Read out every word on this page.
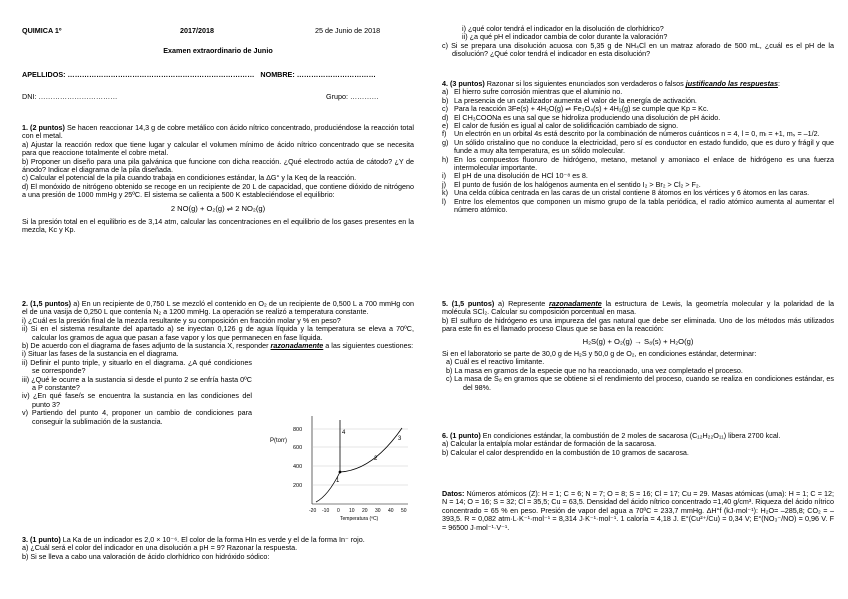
QUIMICA 1º	2017/2018	25 de Junio de 2018
Examen extraordinario de Junio
APELLIDOS: …………………………………………………………………… NOMBRE: ……………………………
DNI: ……………………………	Grupo: …………

1. (2 puntos) Se hacen reaccionar 14,3 g de cobre metálico con ácido nítrico concentrado, produciéndose la reacción total con el metal.

a) Ajustar la reacción redox que tiene lugar y calcular el volumen mínimo de ácido nítrico concentrado que se necesita para que reaccione totalmente el cobre metal.

b) Proponer un diseño para una pila galvánica que funcione con dicha reacción. ¿Qué electrodo actúa de cátodo? ¿Y de ánodo? Indicar el diagrama de la pila diseñada.

c) Calcular el potencial de la pila cuando trabaja en condiciones estándar, la ΔG° y la Keq de la reacción.

d) El monóxido de nitrógeno obtenido se recoge en un recipiente de 20 L de capacidad, que contiene dióxido de nitrógeno a una presión de 1000 mmHg y 25ºC. El sistema se calienta a 500 K estableciéndose el equilibrio:

2 NO(g) + O₂(g) ⇌ 2 NO₂(g)

Si la presión total en el equilibrio es de 3,14 atm, calcular las concentraciones en el equilibrio de los gases presentes en la mezcla, Kc y Kp.

2. (1,5 puntos) a) En un recipiente de 0,750 L se mezcló el contenido en O₂ de un recipiente de 0,500 L a 700 mmHg con el de una vasija de 0,250 L que contenía N₂ a 1200 mmHg. La operación se realizó a temperatura constante.

i) ¿Cuál es la presión final de la mezcla resultante y su composición en fracción molar y % en peso?

ii) Si en el sistema resultante del apartado a) se inyectan 0,126 g de agua líquida y la temperatura se eleva a 70ºC, calcular los gramos de agua que pasan a fase vapor y los que permanecen en fase líquida.

b) De acuerdo con el diagrama de fases adjunto de la sustancia X, responder razonadamente a las siguientes cuestiones:

i) Situar las fases de la sustancia en el diagrama.

ii) Definir el punto triple, y situarlo en el diagrama. ¿A qué condiciones se corresponde?

iii) ¿Qué le ocurre a la sustancia si desde el punto 2 se enfría hasta 0ºC a P constante?

iv) ¿En qué fase/s se encuentra la sustancia en las condiciones del punto 3?

v) Partiendo del punto 4, proponer un cambio de condiciones para conseguir la sublimación de la sustancia.

P(torr)
800
600
400
200
-20 -10 0 10 20 30 40 50
Temperatura (ºC)
1
2
3
4

3. (1 punto) La Ka de un indicador es 2,0 × 10⁻⁶. El color de la forma HIn es verde y el de la forma In⁻ rojo.

a) ¿Cuál será el color del indicador en una disolución a pH = 9? Razonar la respuesta.

b) Si se lleva a cabo una valoración de ácido clorhídrico con hidróxido sódico:

i) ¿qué color tendrá el indicador en la disolución de clorhídrico?

ii) ¿a qué pH el indicador cambia de color durante la valoración?

c) Si se prepara una disolución acuosa con 5,35 g de NH₄Cl en un matraz aforado de 500 mL, ¿cuál es el pH de la disolución? ¿Qué color tendrá el indicador en esta disolución?

4. (3 puntos) Razonar si los siguientes enunciados son verdaderos o falsos justificando las respuestas:

a) El hierro sufre corrosión mientras que el aluminio no.
b) La presencia de un catalizador aumenta el valor de la energía de activación.
c) Para la reacción 3Fe(s) + 4H₂O(g) ⇌ Fe₃O₄(s) + 4H₂(g) se cumple que Kp = Kc.
d) El CH₃COONa es una sal que se hidroliza produciendo una disolución de pH ácido.
e) El calor de fusión es igual al calor de solidificación cambiado de signo.
f)	Un electrón en un orbital 4s está descrito por la combinación de números cuánticos n = 4, l = 0, mₗ = +1, mₛ = –1/2.
g) Un sólido cristalino que no conduce la electricidad, pero sí es conductor en estado fundido, que es duro y frágil y que funde a muy alta temperatura, es un sólido molecular.
h) En los compuestos fluoruro de hidrógeno, metano, metanol y amoniaco el enlace de hidrógeno es una fuerza intermolecular importante.
i)	El pH de una disolución de HCl 10⁻⁸ es 8.
j)	El punto de fusión de los halógenos aumenta en el sentido I₂ > Br₂ > Cl₂ > F₂.
k) Una celda cúbica centrada en las caras de un cristal contiene 8 átomos en los vértices y 6 átomos en las caras.
l)	Entre los elementos que componen un mismo grupo de la tabla periódica, el radio atómico aumenta al aumentar el número atómico.

5. (1,5 puntos) a) Represente razonadamente la estructura de Lewis, la geometría molecular y la polaridad de la molécula SCl₂. Calcular su composición porcentual en masa.

b) El sulfuro de hidrógeno es una impureza del gas natural que debe ser eliminada. Uno de los métodos más utilizados para este fin es el llamado proceso Claus que se basa en la reacción:

H₂S(g) + O₂(g) → S₈(s) + H₂O(g)

Si en el laboratorio se parte de 30,0 g de H₂S y 50,0 g de O₂, en condiciones estándar, determinar:

a) Cuál es el reactivo limitante.

b) La masa en gramos de la especie que no ha reaccionado, una vez completado el proceso.

c) La masa de S₈ en gramos que se obtiene si el rendimiento del proceso, cuando se realiza en condiciones estándar, es del 98%.

6. (1 punto) En condiciones estándar, la combustión de 2 moles de sacarosa (C₁₂H₂₂O₁₁) libera 2700 kcal.

a) Calcular la entalpía molar estándar de formación de la sacarosa.

b) Calcular el calor desprendido en la combustión de 10 gramos de sacarosa.

Datos: Números atómicos (Z): H = 1; C = 6; N = 7; O = 8; S = 16; Cl = 17; Cu = 29. Masas atómicas (uma): H = 1; C = 12; N = 14; O = 16; S = 32; Cl = 35,5; Cu = 63,5. Densidad del ácido nítrico concentrado =1,40 g/cm³. Riqueza del ácido nítrico concentrado = 65 % en peso. Presión de vapor del agua a 70ºC = 233,7 mmHg. ΔH°f (kJ·mol⁻¹): H₂O= –285,8; CO₂ = –393,5. R = 0,082 atm·L·K⁻¹·mol⁻¹ = 8,314 J·K⁻¹·mol⁻¹. 1 caloría = 4,18 J. E°(Cu²⁺/Cu) = 0,34 V; E°(NO₃⁻/NO) = 0,96 V. F = 96500 J·mol⁻¹·V⁻¹.
